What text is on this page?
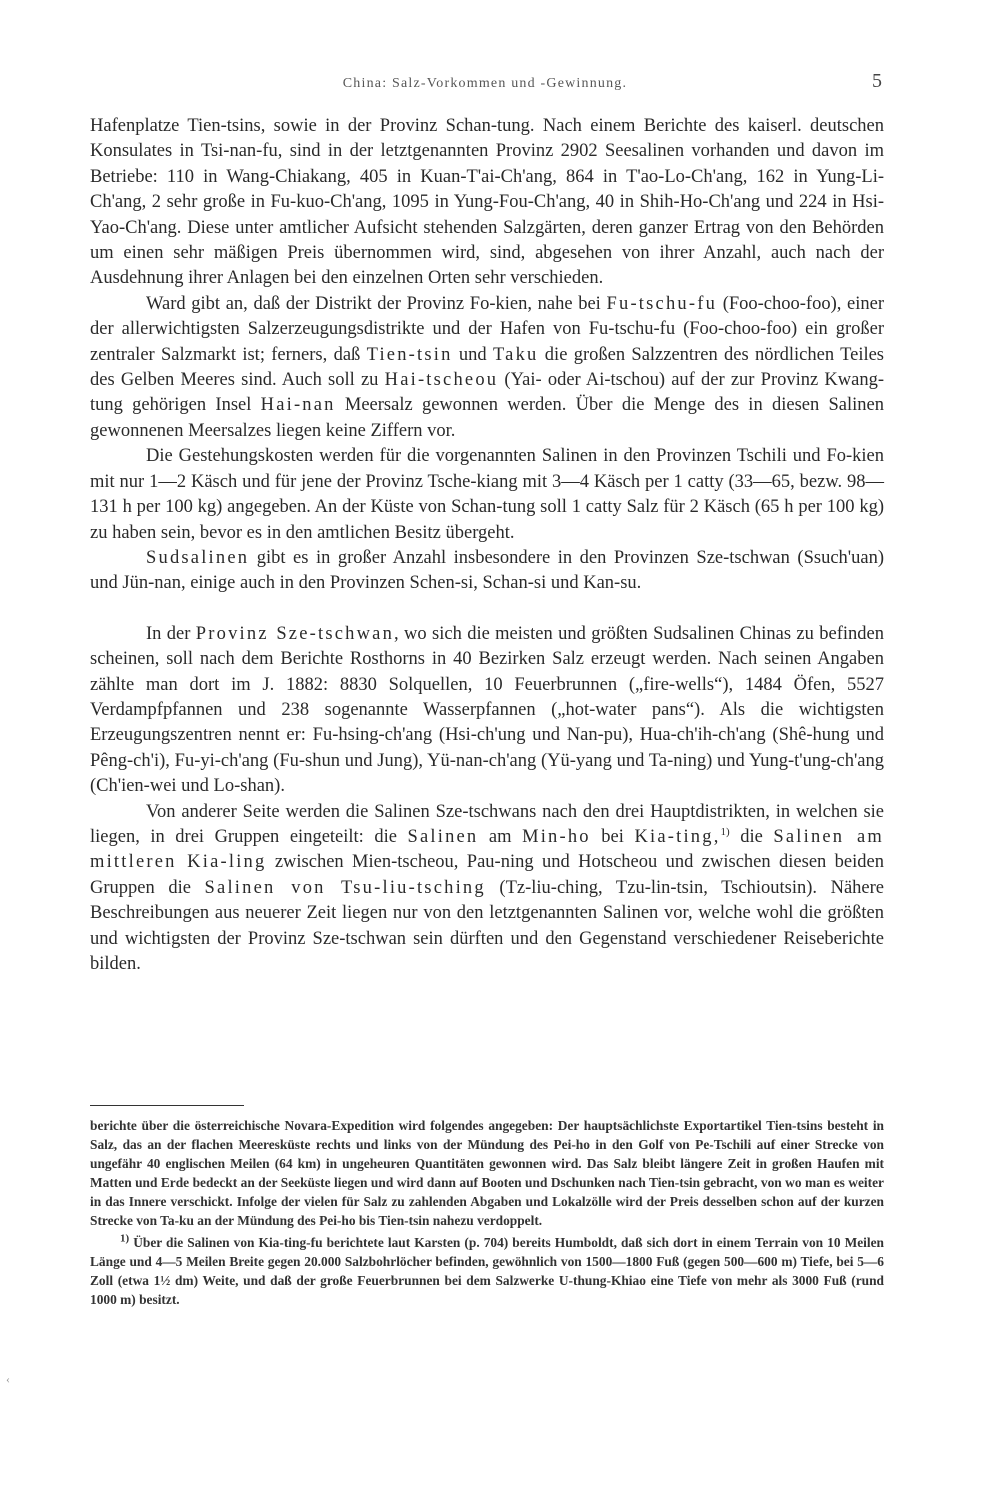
China: Salz-Vorkommen und -Gewinnung.	5

Hafenplatze Tien-tsins, sowie in der Provinz Schan-tung. Nach einem Berichte des kaiserl. deutschen Konsulates in Tsi-nan-fu, sind in der letztgenannten Provinz 2902 Seesalinen vorhanden und davon im Betriebe: 110 in Wang-Chiakang, 405 in Kuan-T'ai-Ch'ang, 864 in T'ao-Lo-Ch'ang, 162 in Yung-Li-Ch'ang, 2 sehr große in Fu-kuo-Ch'ang, 1095 in Yung-Fou-Ch'ang, 40 in Shih-Ho-Ch'ang und 224 in Hsi-Yao-Ch'ang. Diese unter amtlicher Aufsicht stehenden Salzgärten, deren ganzer Ertrag von den Behörden um einen sehr mäßigen Preis übernommen wird, sind, abgesehen von ihrer Anzahl, auch nach der Ausdehnung ihrer Anlagen bei den einzelnen Orten sehr verschieden.

Ward gibt an, daß der Distrikt der Provinz Fo-kien, nahe bei Fu-tschu-fu (Foo-choo-foo), einer der allerwichtigsten Salzerzeugungsdistrikte und der Hafen von Fu-tschu-fu (Foo-choo-foo) ein großer zentraler Salzmarkt ist; ferners, daß Tien-tsin und Taku die großen Salzzentren des nördlichen Teiles des Gelben Meeres sind. Auch soll zu Hai-tscheou (Yai- oder Ai-tschou) auf der zur Provinz Kwang-tung gehörigen Insel Hai-nan Meersalz gewonnen werden. Über die Menge des in diesen Salinen gewonnenen Meersalzes liegen keine Ziffern vor.

Die Gestehungskosten werden für die vorgenannten Salinen in den Provinzen Tschili und Fo-kien mit nur 1—2 Käsch und für jene der Provinz Tsche-kiang mit 3—4 Käsch per 1 catty (33—65, bezw. 98—131 h per 100 kg) angegeben. An der Küste von Schan-tung soll 1 catty Salz für 2 Käsch (65 h per 100 kg) zu haben sein, bevor es in den amtlichen Besitz übergeht.

Sudsalinen gibt es in großer Anzahl insbesondere in den Provinzen Sze-tschwan (Ssuch'uan) und Jün-nan, einige auch in den Provinzen Schen-si, Schan-si und Kan-su.

In der Provinz Sze-tschwan, wo sich die meisten und größten Sudsalinen Chinas zu befinden scheinen, soll nach dem Berichte Rosthorns in 40 Bezirken Salz erzeugt werden. Nach seinen Angaben zählte man dort im J. 1882: 8830 Solquellen, 10 Feuerbrunnen („fire-wells“), 1484 Öfen, 5527 Verdampfpfannen und 238 sogenannte Wasserpfannen („hot-water pans“). Als die wichtigsten Erzeugungszentren nennt er: Fu-hsing-ch'ang (Hsi-ch'ung und Nan-pu), Hua-ch'ih-ch'ang (Shê-hung und Pêng-ch'i), Fu-yi-ch'ang (Fu-shun und Jung), Yü-nan-ch'ang (Yü-yang und Ta-ning) und Yung-t'ung-ch'ang (Ch'ien-wei und Lo-shan).

Von anderer Seite werden die Salinen Sze-tschwans nach den drei Hauptdistrikten, in welchen sie liegen, in drei Gruppen eingeteilt: die Salinen am Min-ho bei Kia-ting,$^{1)}$ die Salinen am mittleren Kia-ling zwischen Mien-tscheou, Pau-ning und Hotscheou und zwischen diesen beiden Gruppen die Salinen von Tsu-liu-tsching (Tz-liu-ching, Tzu-lin-tsin, Tschioutsin). Nähere Beschreibungen aus neuerer Zeit liegen nur von den letztgenannten Salinen vor, welche wohl die größten und wichtigsten der Provinz Sze-tschwan sein dürften und den Gegenstand verschiedener Reiseberichte bilden.

berichte über die österreichische Novara-Expedition wird folgendes angegeben: Der hauptsächlichste Exportartikel Tien-tsins besteht in Salz, das an der flachen Meeresküste rechts und links von der Mündung des Pei-ho in den Golf von Pe-Tschili auf einer Strecke von ungefähr 40 englischen Meilen (64 km) in ungeheuren Quantitäten gewonnen wird. Das Salz bleibt längere Zeit in großen Haufen mit Matten und Erde bedeckt an der Seeküste liegen und wird dann auf Booten und Dschunken nach Tien-tsin gebracht, von wo man es weiter in das Innere verschickt. Infolge der vielen für Salz zu zahlenden Abgaben und Lokalzölle wird der Preis desselben schon auf der kurzen Strecke von Ta-ku an der Mündung des Pei-ho bis Tien-tsin nahezu verdoppelt.

$^{1)}$ Über die Salinen von Kia-ting-fu berichtete laut Karsten (p. 704) bereits Humboldt, daß sich dort in einem Terrain von 10 Meilen Länge und 4—5 Meilen Breite gegen 20.000 Salzbohrlöcher befinden, gewöhnlich von 1500—1800 Fuß (gegen 500—600 m) Tiefe, bei 5—6 Zoll (etwa 1½ dm) Weite, und daß der große Feuerbrunnen bei dem Salzwerke U-thung-Khiao eine Tiefe von mehr als 3000 Fuß (rund 1000 m) besitzt.

‹
